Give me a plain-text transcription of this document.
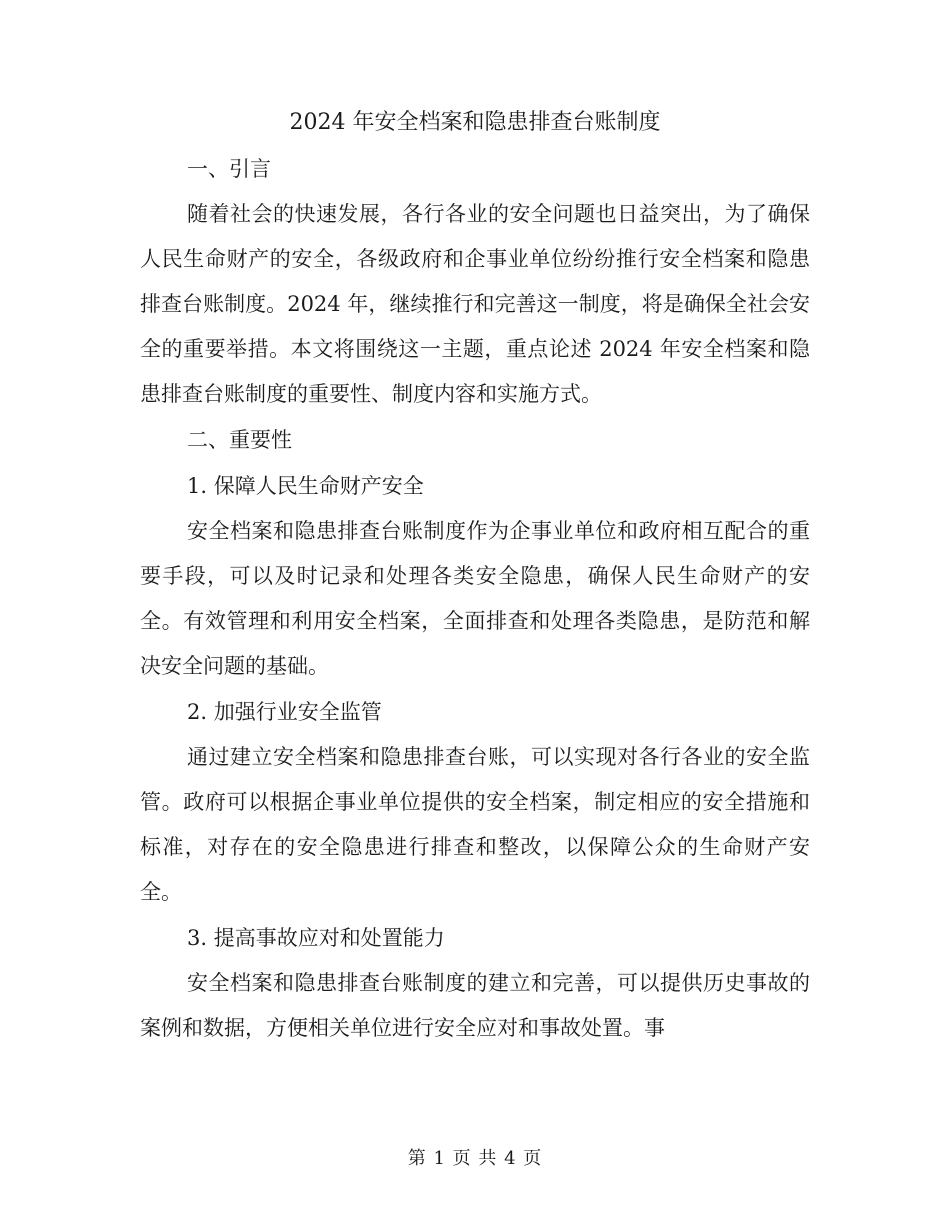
2024 年安全档案和隐患排查台账制度

一、引言

随着社会的快速发展，各行各业的安全问题也日益突出，为了确保人民生命财产的安全，各级政府和企事业单位纷纷推行安全档案和隐患排查台账制度。2024 年，继续推行和完善这一制度，将是确保全社会安全的重要举措。本文将围绕这一主题，重点论述 2024 年安全档案和隐患排查台账制度的重要性、制度内容和实施方式。

二、重要性

1. 保障人民生命财产安全

安全档案和隐患排查台账制度作为企事业单位和政府相互配合的重要手段，可以及时记录和处理各类安全隐患，确保人民生命财产的安全。有效管理和利用安全档案，全面排查和处理各类隐患，是防范和解决安全问题的基础。

2. 加强行业安全监管

通过建立安全档案和隐患排查台账，可以实现对各行各业的安全监管。政府可以根据企事业单位提供的安全档案，制定相应的安全措施和标准，对存在的安全隐患进行排查和整改，以保障公众的生命财产安全。

3. 提高事故应对和处置能力

安全档案和隐患排查台账制度的建立和完善，可以提供历史事故的案例和数据，方便相关单位进行安全应对和事故处置。事

第 1 页 共 4 页
